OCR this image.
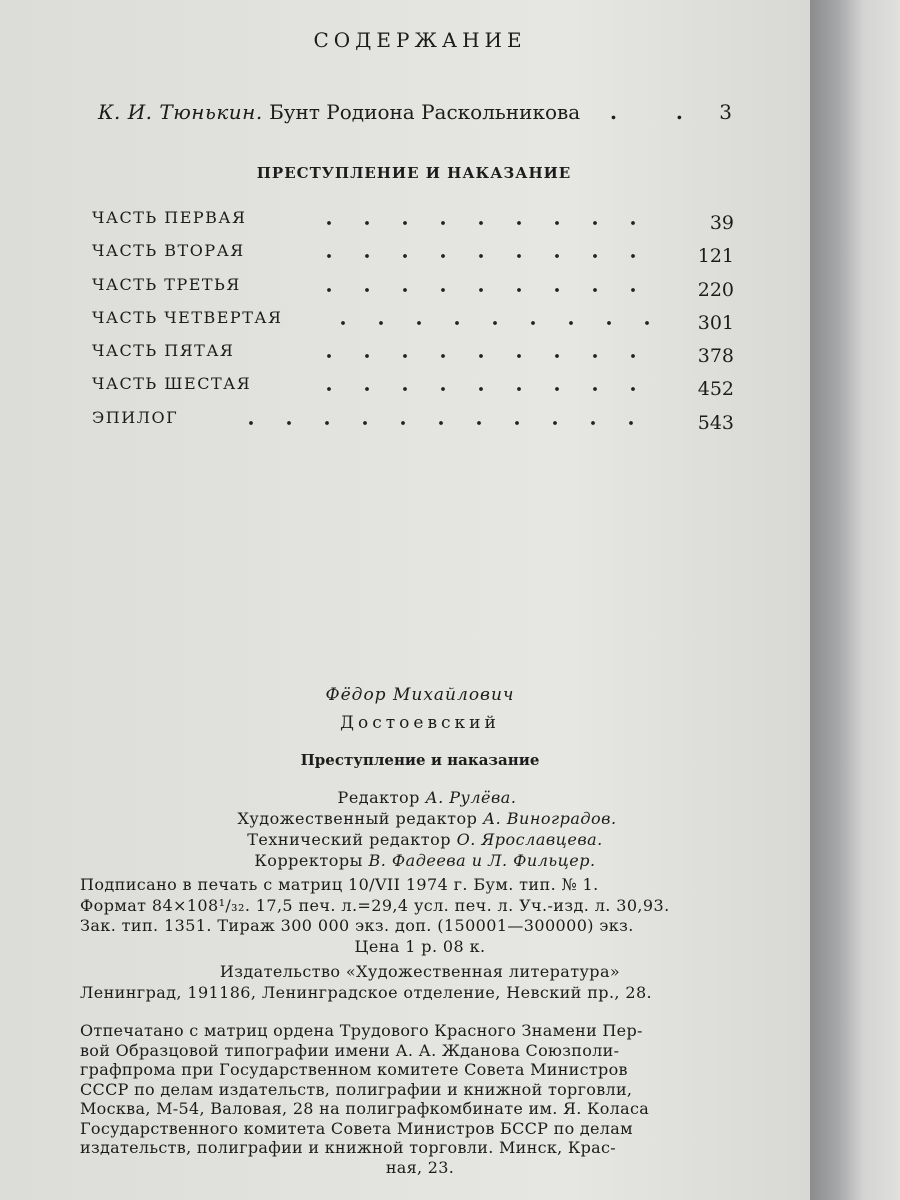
СОДЕРЖАНИЕ
К. И. Тюнькин. Бунт Родиона Раскольникова . . 3
ПРЕСТУПЛЕНИЕ И НАКАЗАНИЕ
ЧАСТЬ ПЕРВАЯ	39
ЧАСТЬ ВТОРАЯ	121
ЧАСТЬ ТРЕТЬЯ	220
ЧАСТЬ ЧЕТВЕРТАЯ	301
ЧАСТЬ ПЯТАЯ	378
ЧАСТЬ ШЕСТАЯ	452
ЭПИЛОГ	543
Фёдор Михайлович
Достоевский
Преступление и наказание
Редактор А. Рулёва.
Художественный редактор А. Виноградов.
Технический редактор О. Ярославцева.
Корректоры В. Фадеева и Л. Фильцер.
Подписано в печать с матриц 10/VII 1974 г. Бум. тип. № 1.
Формат 84×108¹/₃₂. 17,5 печ. л.=29,4 усл. печ. л. Уч.-изд. л. 30,93.
Зак. тип. 1351. Тираж 300 000 экз. доп. (150001—300000) экз.
Цена 1 р. 08 к.
Издательство «Художественная литература»
Ленинград, 191186, Ленинградское отделение, Невский пр., 28.
Отпечатано с матриц ордена Трудового Красного Знамени Пер-
вой Образцовой типографии имени А. А. Жданова Союзполи-
графпрома при Государственном комитете Совета Министров
СССР по делам издательств, полиграфии и книжной торговли,
Москва, М-54, Валовая, 28 на полиграфкомбинате им. Я. Коласа
Государственного комитета Совета Министров БССР по делам
издательств, полиграфии и книжной торговли. Минск, Крас-
ная, 23.
